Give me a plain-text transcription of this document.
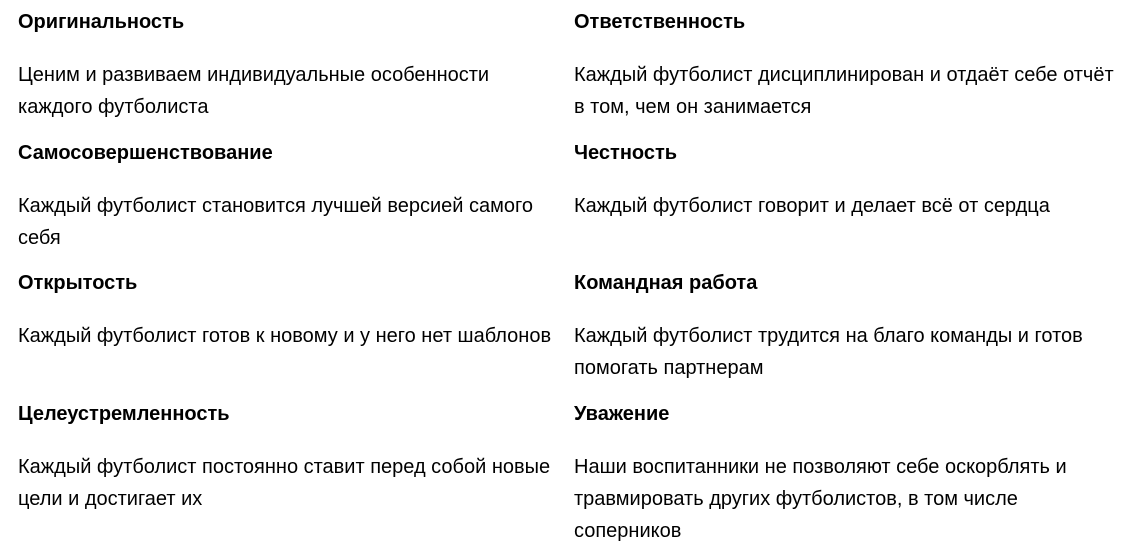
Оригинальность

Ценим и развиваем индивидуальные особенности каждого футболиста

Самосовершенствование

Каждый футболист становится лучшей версией самого себя

Открытость

Каждый футболист готов к новому и у него нет шаблонов

Целеустремленность

Каждый футболист постоянно ставит перед собой новые цели и достигает их

Ответственность

Каждый футболист дисциплинирован и отдаёт себе отчёт в том, чем он занимается

Честность

Каждый футболист говорит и делает всё от сердца

Командная работа

Каждый футболист трудится на благо команды и готов помогать партнерам

Уважение

Наши воспитанники не позволяют себе оскорблять и травмировать других футболистов, в том числе соперников
